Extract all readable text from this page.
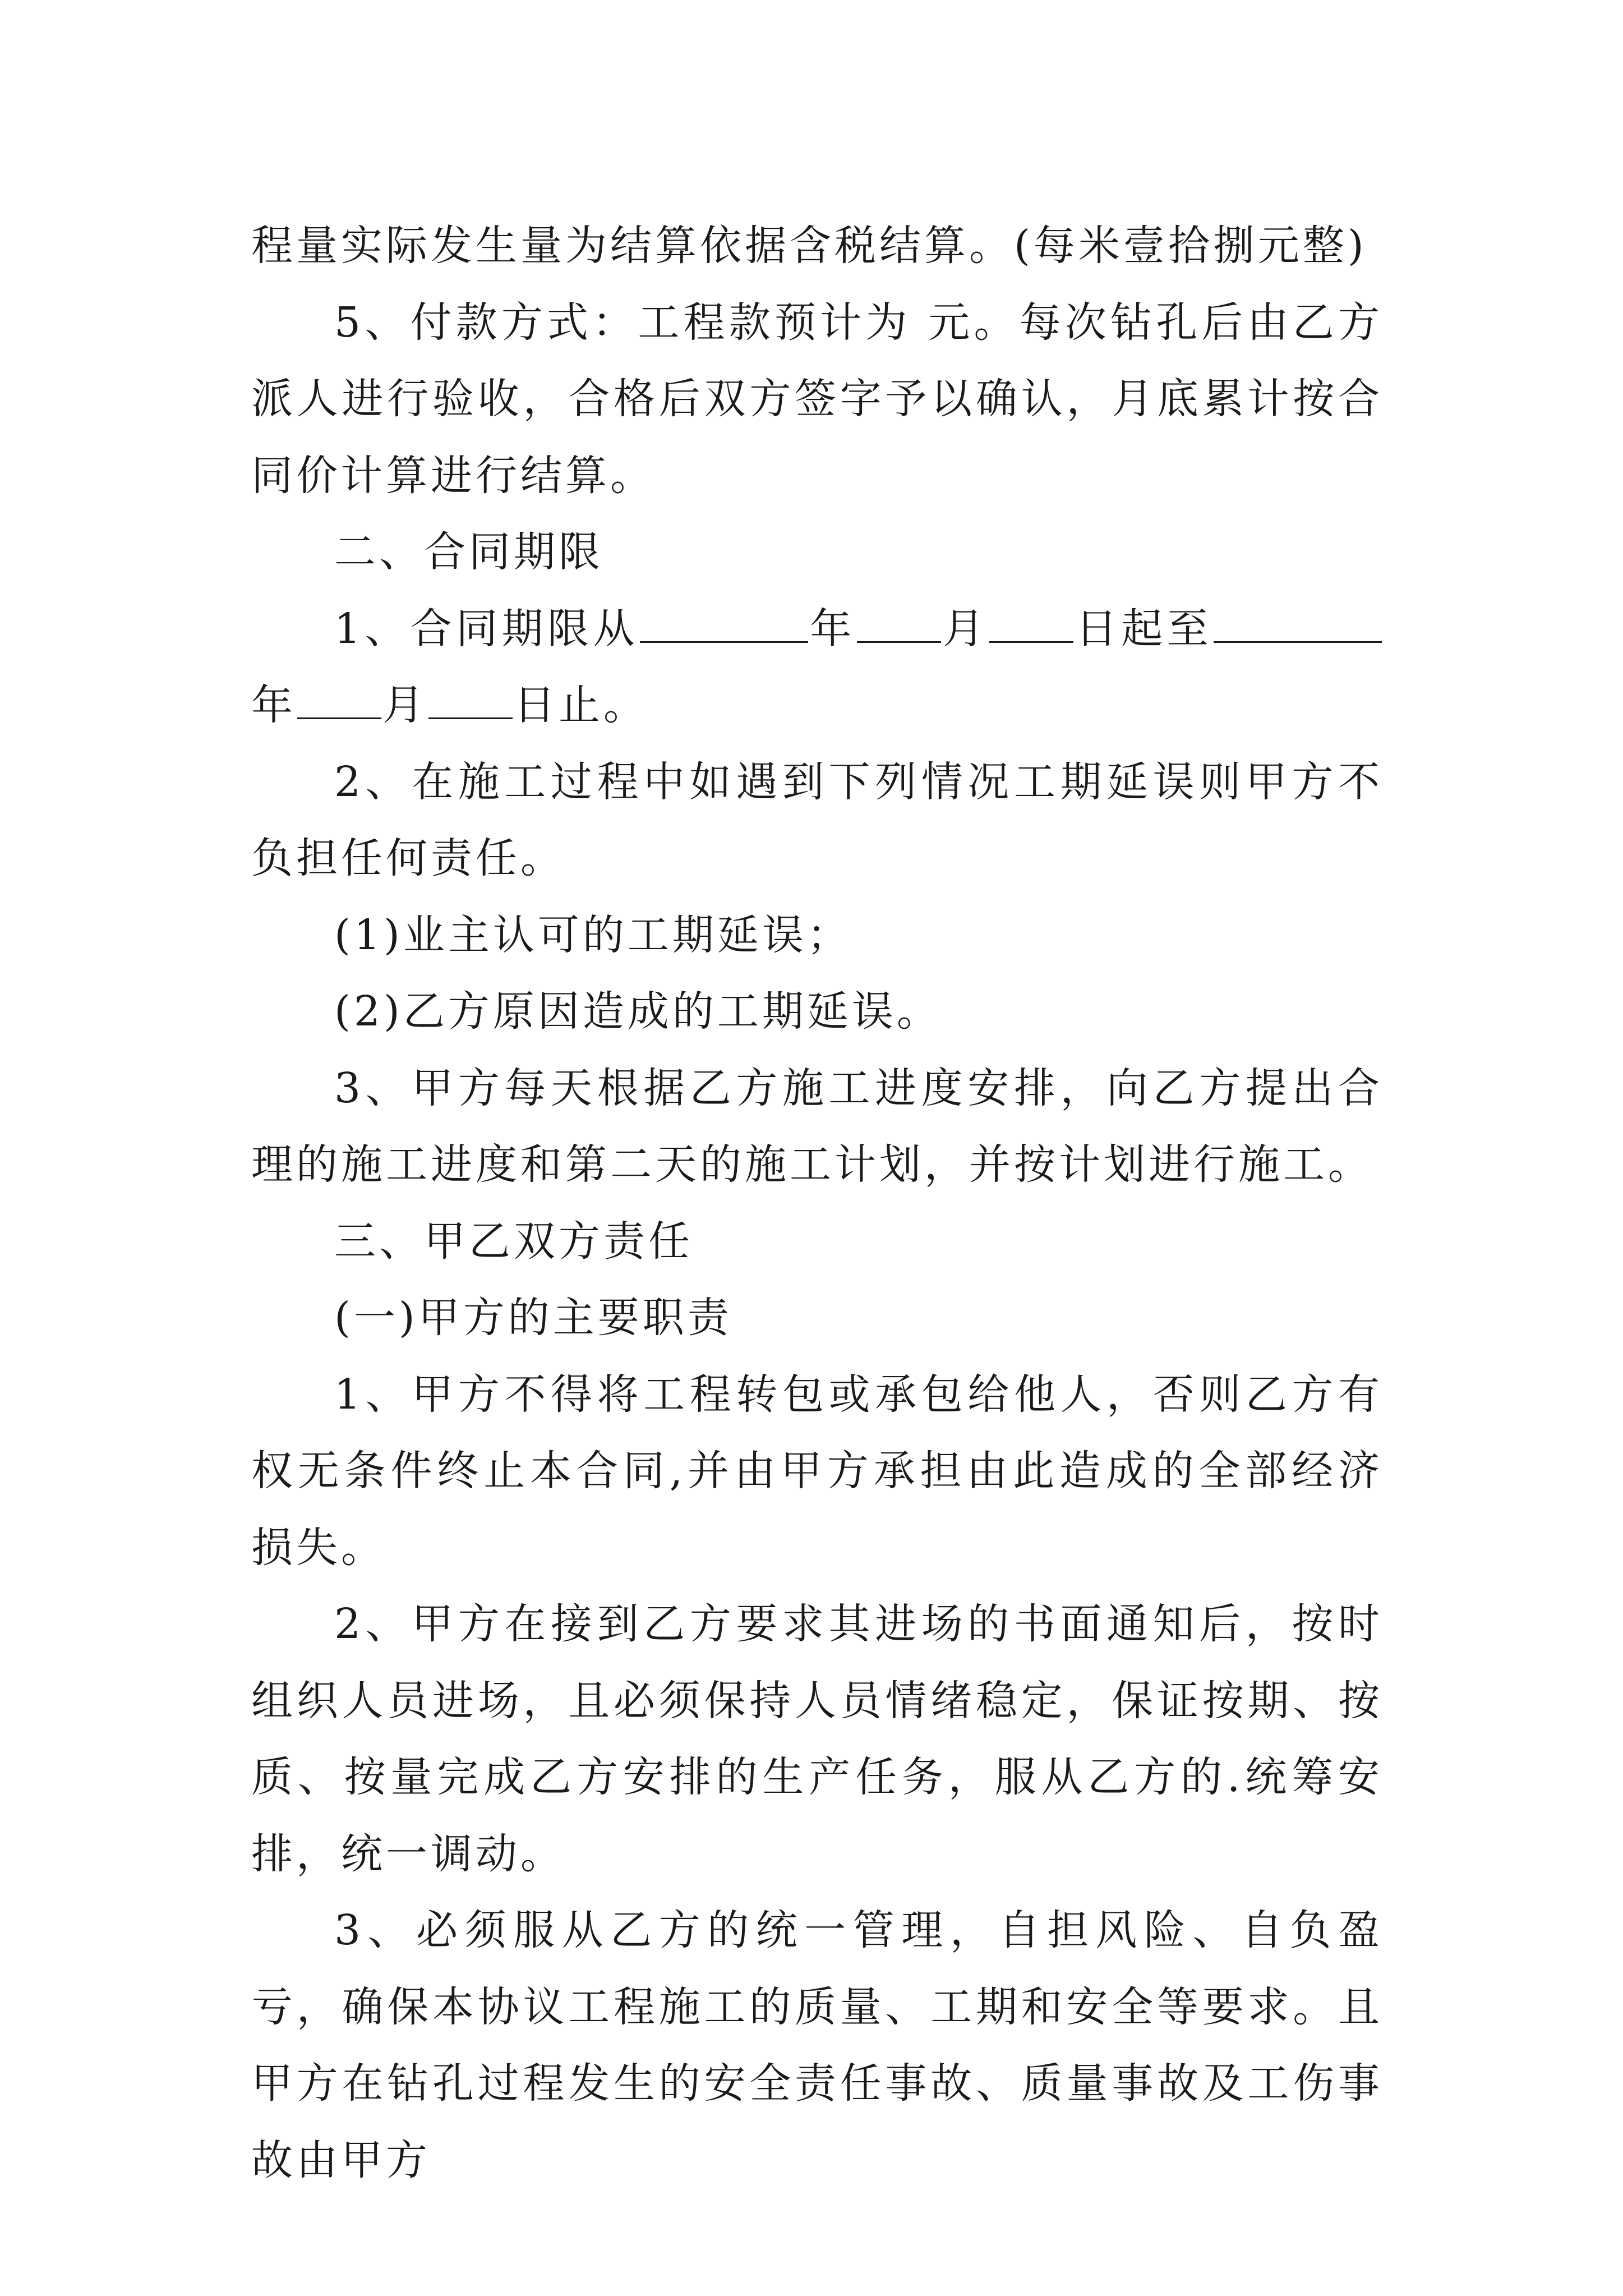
程量实际发生量为结算依据含税结算。(每米壹拾捌元整)

5、付款方式：工程款预计为 元。每次钻孔后由乙方派人进行验收，合格后双方签字予以确认，月底累计按合同价计算进行结算。

二、合同期限

1、合同期限从	年 月 日起至年 月 日止。

2、在施工过程中如遇到下列情况工期延误则甲方不负担任何责任。

(1)业主认可的工期延误；

(2)乙方原因造成的工期延误。

3、甲方每天根据乙方施工进度安排，向乙方提出合理的施工进度和第二天的施工计划，并按计划进行施工。

三、甲乙双方责任

(一)甲方的主要职责

1、甲方不得将工程转包或承包给他人，否则乙方有权无条件终止本合同,并由甲方承担由此造成的全部经济损失。

2、甲方在接到乙方要求其进场的书面通知后，按时组织人员进场，且必须保持人员情绪稳定，保证按期、按质、按量完成乙方安排的生产任务，服从乙方的.统筹安排，统一调动。

3、必须服从乙方的统一管理，自担风险、自负盈亏，确保本协议工程施工的质量、工期和安全等要求。且甲方在钻孔过程发生的安全责任事故、质量事故及工伤事故由甲方
